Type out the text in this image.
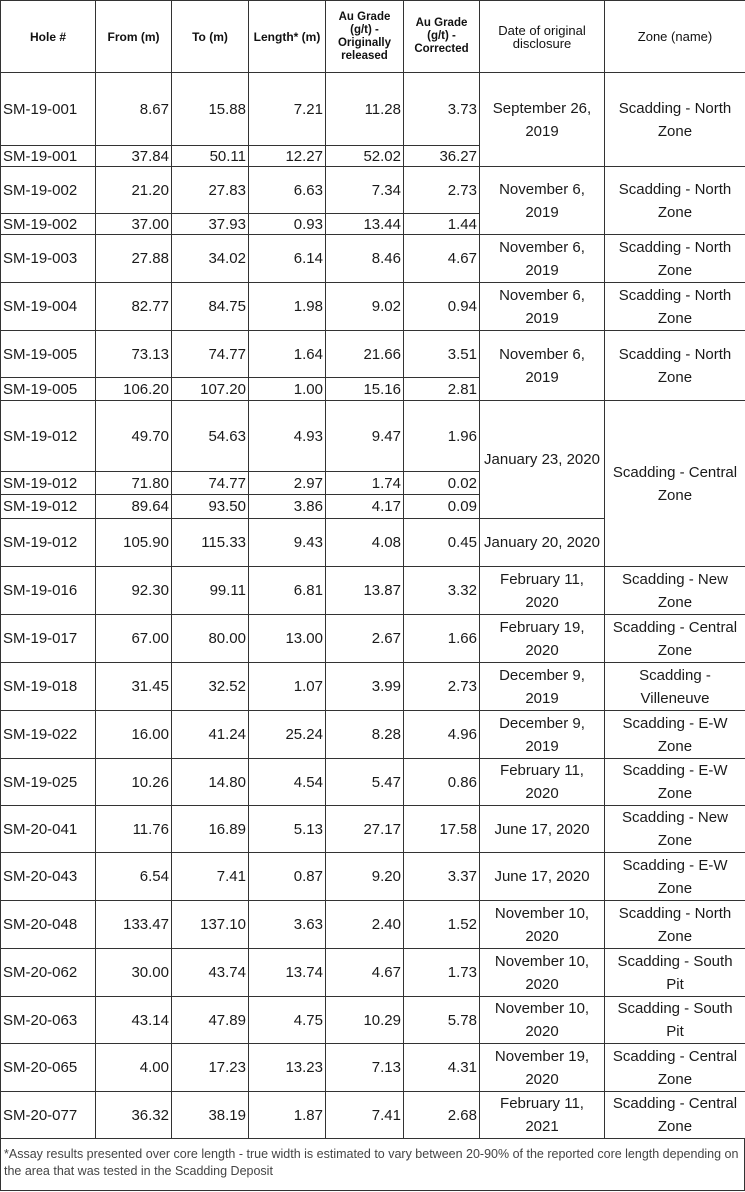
Hole #	From (m)	To (m)	Length* (m)	Au Grade (g/t) - Originally released	Au Grade (g/t) - Corrected	Date of original disclosure	Zone (name)
SM-19-001	8.67	15.88	7.21	11.28	3.73	September 26, 2019	Scadding - North Zone
SM-19-001	37.84	50.11	12.27	52.02	36.27		
SM-19-002	21.20	27.83	6.63	7.34	2.73	November 6, 2019	Scadding - North Zone
SM-19-002	37.00	37.93	0.93	13.44	1.44		
SM-19-003	27.88	34.02	6.14	8.46	4.67	November 6, 2019	Scadding - North Zone
SM-19-004	82.77	84.75	1.98	9.02	0.94	November 6, 2019	Scadding - North Zone
SM-19-005	73.13	74.77	1.64	21.66	3.51	November 6, 2019	Scadding - North Zone
SM-19-005	106.20	107.20	1.00	15.16	2.81		
SM-19-012	49.70	54.63	4.93	9.47	1.96	January 23, 2020	Scadding - Central Zone
SM-19-012	71.80	74.77	2.97	1.74	0.02		
SM-19-012	89.64	93.50	3.86	4.17	0.09		
SM-19-012	105.90	115.33	9.43	4.08	0.45	January 20, 2020	
SM-19-016	92.30	99.11	6.81	13.87	3.32	February 11, 2020	Scadding - New Zone
SM-19-017	67.00	80.00	13.00	2.67	1.66	February 19, 2020	Scadding - Central Zone
SM-19-018	31.45	32.52	1.07	3.99	2.73	December 9, 2019	Scadding - Villeneuve
SM-19-022	16.00	41.24	25.24	8.28	4.96	December 9, 2019	Scadding - E-W Zone
SM-19-025	10.26	14.80	4.54	5.47	0.86	February 11, 2020	Scadding - E-W Zone
SM-20-041	11.76	16.89	5.13	27.17	17.58	June 17, 2020	Scadding - New Zone
SM-20-043	6.54	7.41	0.87	9.20	3.37	June 17, 2020	Scadding - E-W Zone
SM-20-048	133.47	137.10	3.63	2.40	1.52	November 10, 2020	Scadding - North Zone
SM-20-062	30.00	43.74	13.74	4.67	1.73	November 10, 2020	Scadding - South Pit
SM-20-063	43.14	47.89	4.75	10.29	5.78	November 10, 2020	Scadding - South Pit
SM-20-065	4.00	17.23	13.23	7.13	4.31	November 19, 2020	Scadding - Central Zone
SM-20-077	36.32	38.19	1.87	7.41	2.68	February 11, 2021	Scadding - Central Zone
*Assay results presented over core length - true width is estimated to vary between 20-90% of the reported core length depending on the area that was tested in the Scadding Deposit
